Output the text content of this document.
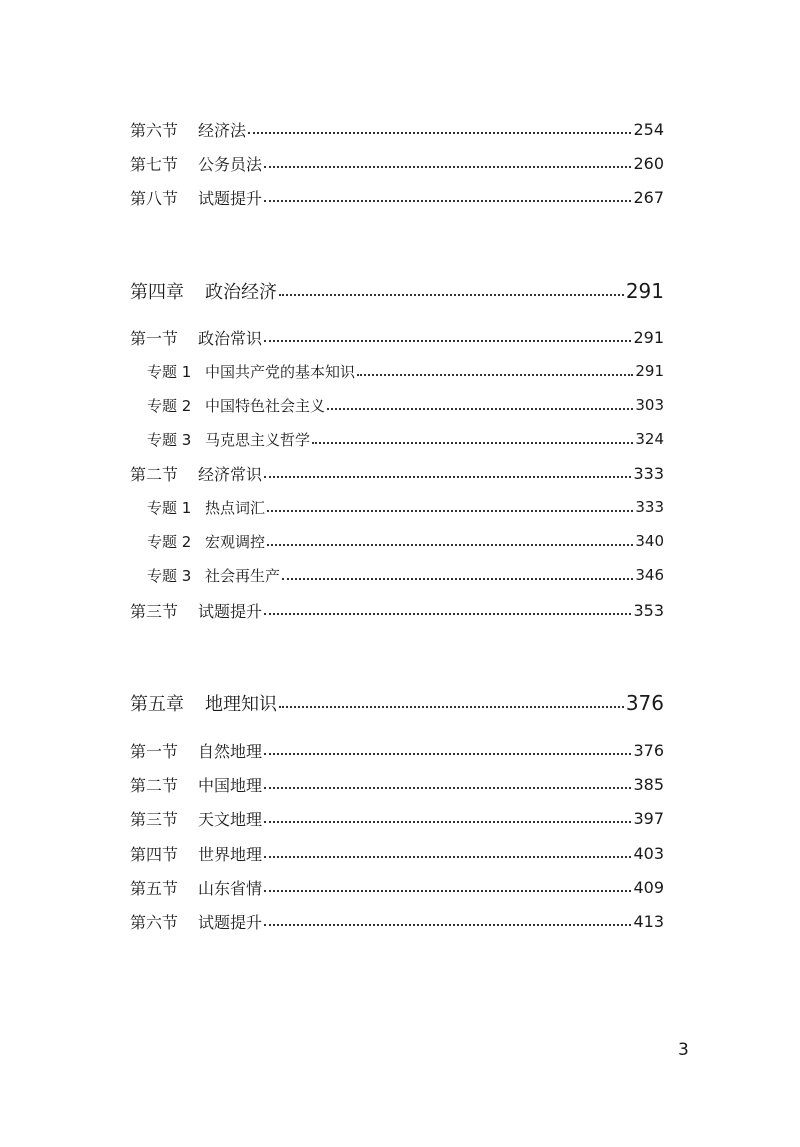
第六节 经济法	254
第七节 公务员法	260
第八节 试题提升	267
第四章 政治经济	291
第一节 政治常识	291
专题 1 中国共产党的基本知识	291
专题 2 中国特色社会主义	303
专题 3 马克思主义哲学	324
第二节 经济常识	333
专题 1 热点词汇	333
专题 2 宏观调控	340
专题 3 社会再生产	346
第三节 试题提升	353
第五章 地理知识	376
第一节 自然地理	376
第二节 中国地理	385
第三节 天文地理	397
第四节 世界地理	403
第五节 山东省情	409
第六节 试题提升	413
3
